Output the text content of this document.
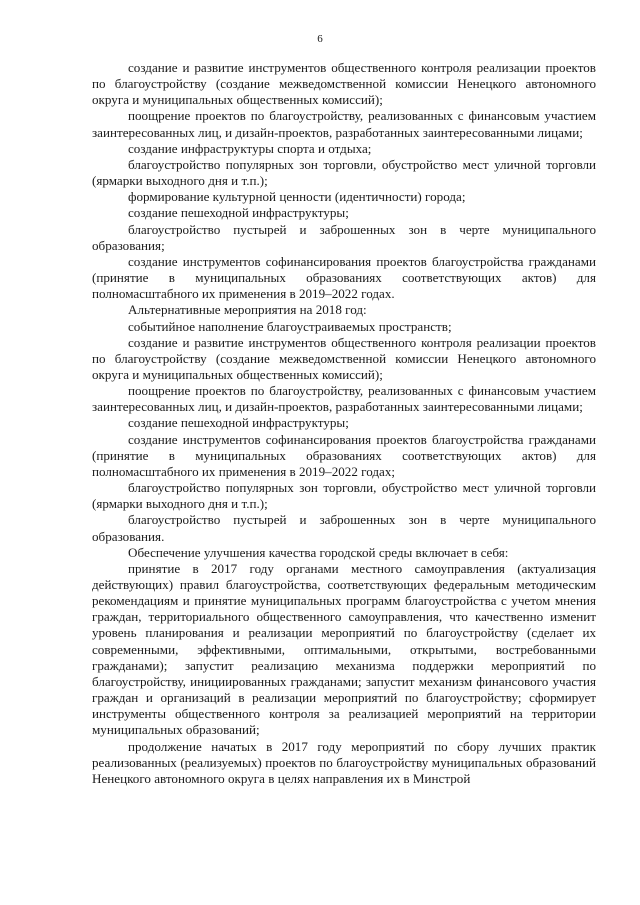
6

создание и развитие инструментов общественного контроля реализации проектов по благоустройству (создание межведомственной комиссии Ненецкого автономного округа и муниципальных общественных комиссий);

поощрение проектов по благоустройству, реализованных с финансовым участием заинтересованных лиц, и дизайн-проектов, разработанных заинтересованными лицами;

создание инфраструктуры спорта и отдыха;

благоустройство популярных зон торговли, обустройство мест уличной торговли (ярмарки выходного дня и т.п.);

формирование культурной ценности (идентичности) города;

создание пешеходной инфраструктуры;

благоустройство пустырей и заброшенных зон в черте муниципального образования;

создание инструментов софинансирования проектов благоустройства гражданами (принятие в муниципальных образованиях соответствующих актов) для полномасштабного их применения в 2019–2022 годах.

Альтернативные мероприятия на 2018 год:

событийное наполнение благоустраиваемых пространств;

создание и развитие инструментов общественного контроля реализации проектов по благоустройству (создание межведомственной комиссии Ненецкого автономного округа и муниципальных общественных комиссий);

поощрение проектов по благоустройству, реализованных с финансовым участием заинтересованных лиц, и дизайн-проектов, разработанных заинтересованными лицами;

создание пешеходной инфраструктуры;

создание инструментов софинансирования проектов благоустройства гражданами (принятие в муниципальных образованиях соответствующих актов) для полномасштабного их применения в 2019–2022 годах;

благоустройство популярных зон торговли, обустройство мест уличной торговли (ярмарки выходного дня и т.п.);

благоустройство пустырей и заброшенных зон в черте муниципального образования.

Обеспечение улучшения качества городской среды включает в себя:

принятие в 2017 году органами местного самоуправления (актуализация действующих) правил благоустройства, соответствующих федеральным методическим рекомендациям и принятие муниципальных программ благоустройства с учетом мнения граждан, территориального общественного самоуправления, что качественно изменит уровень планирования и реализации мероприятий по благоустройству (сделает их современными, эффективными, оптимальными, открытыми, востребованными гражданами); запустит реализацию механизма поддержки мероприятий по благоустройству, инициированных гражданами; запустит механизм финансового участия граждан и организаций в реализации мероприятий по благоустройству; сформирует инструменты общественного контроля за реализацией мероприятий на территории муниципальных образований;

продолжение начатых в 2017 году мероприятий по сбору лучших практик реализованных (реализуемых) проектов по благоустройству муниципальных образований Ненецкого автономного округа в целях направления их в Минстрой
